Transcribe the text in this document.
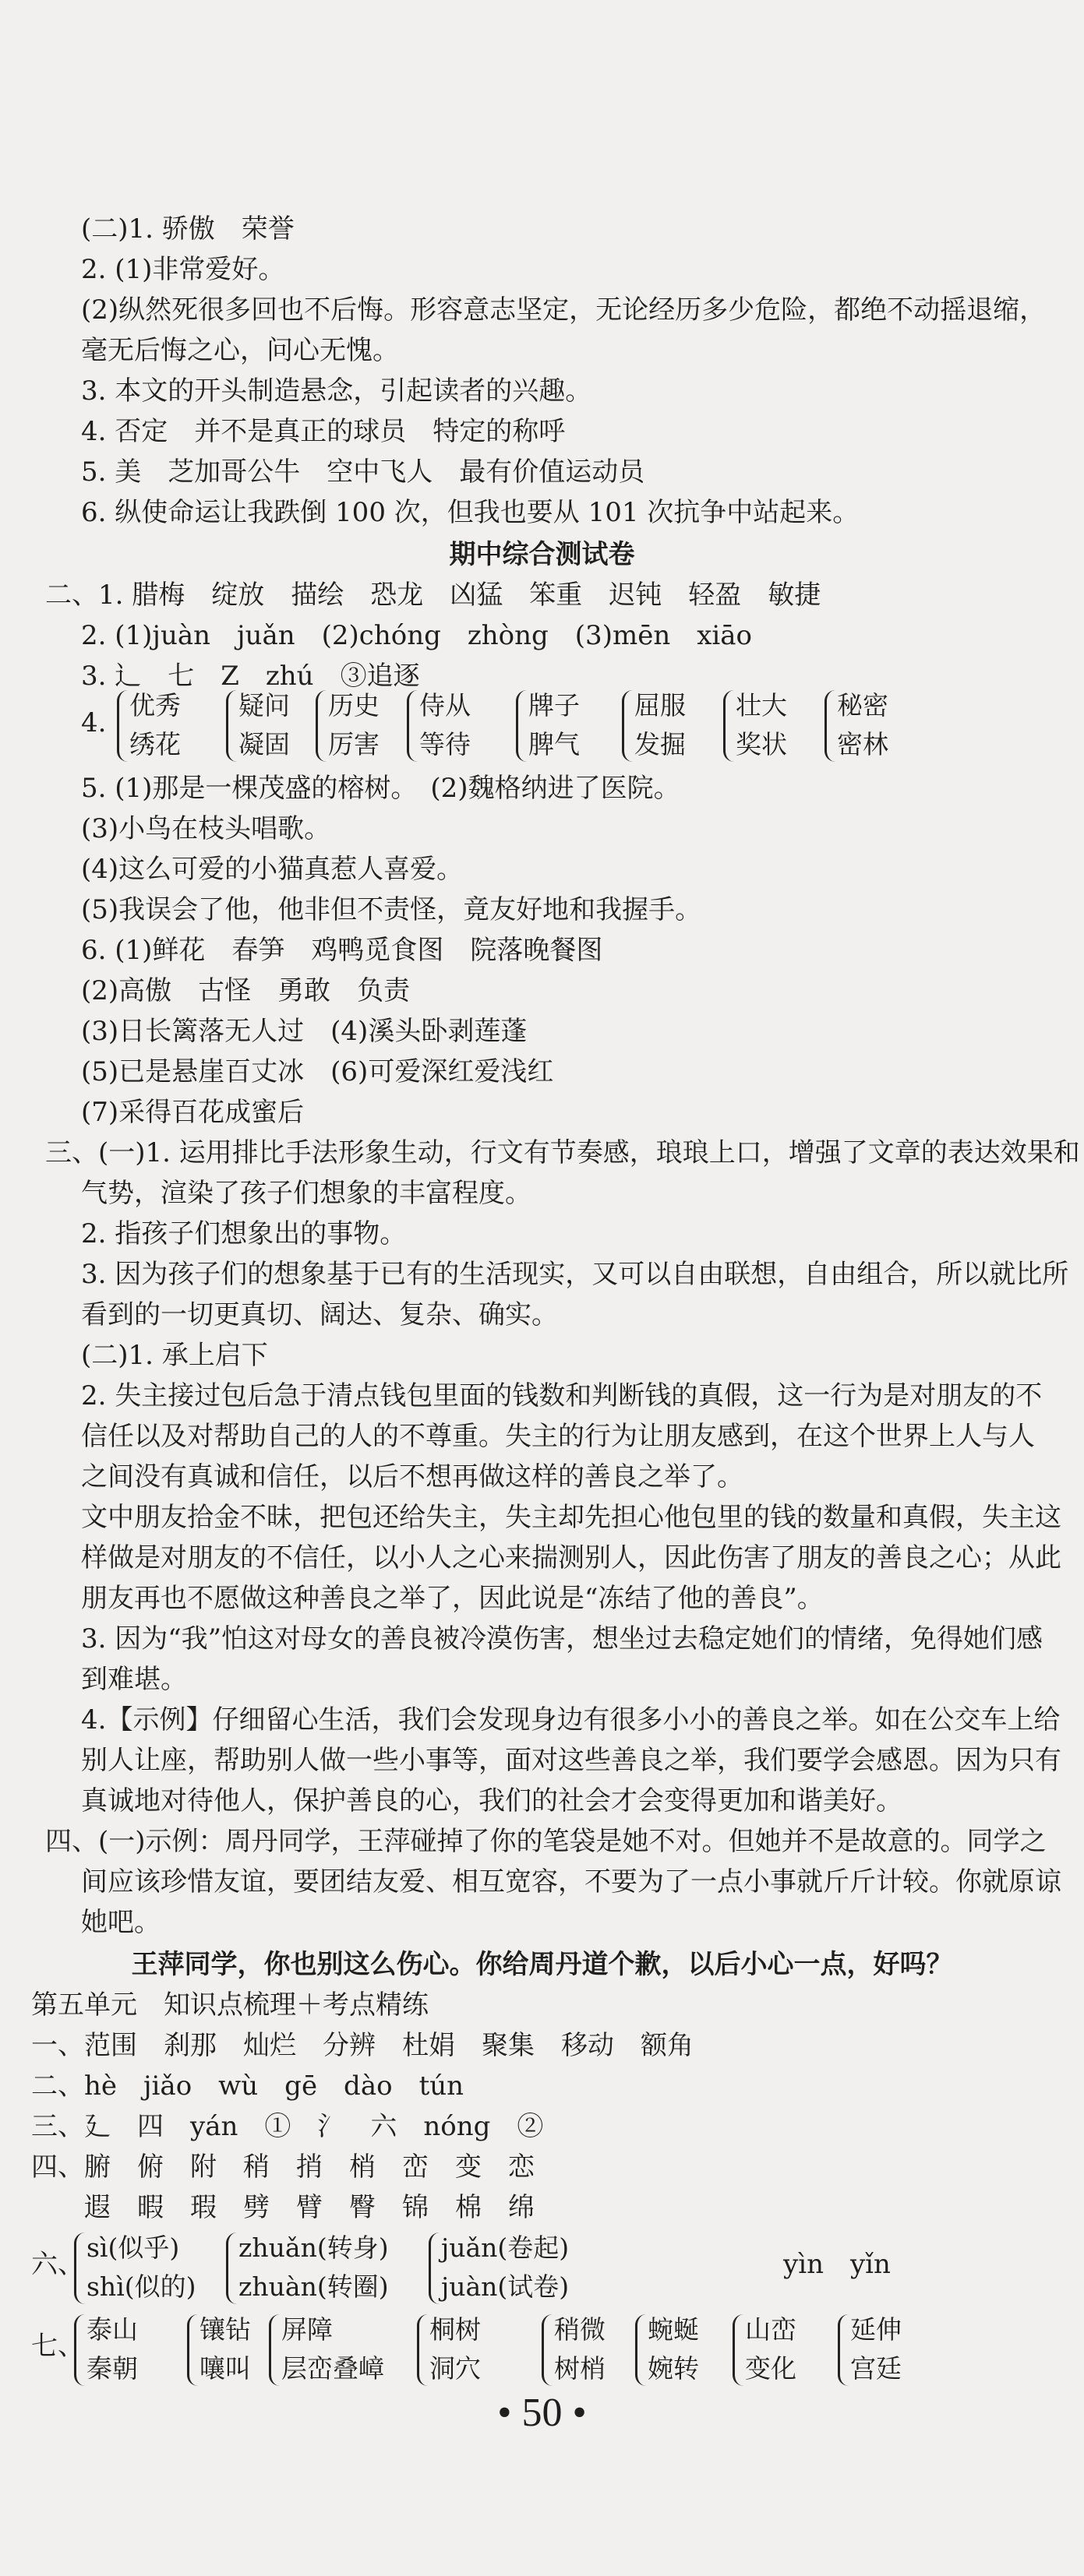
(二)1. 骄傲　荣誉
2. (1)非常爱好。
(2)纵然死很多回也不后悔。形容意志坚定，无论经历多少危险，都绝不动摇退缩，
毫无后悔之心，问心无愧。
3. 本文的开头制造悬念，引起读者的兴趣。
4. 否定　并不是真正的球员　特定的称呼
5. 美　芝加哥公牛　空中飞人　最有价值运动员
6. 纵使命运让我跌倒 100 次，但我也要从 101 次抗争中站起来。
期中综合测试卷
二、1. 腊梅　绽放　描绘　恐龙　凶猛　笨重　迟钝　轻盈　敏捷
2. (1)juàn　juǎn　(2)chóng　zhòng　(3)mēn　xiāo
3. 辶　七　Z　zhú　③追逐
4.
优秀
绣花
疑问
凝固
历史
厉害
侍从
等待
牌子
脾气
屈服
发掘
壮大
奖状
秘密
密林
5. (1)那是一棵茂盛的榕树。　(2)魏格纳进了医院。
(3)小鸟在枝头唱歌。
(4)这么可爱的小猫真惹人喜爱。
(5)我误会了他，他非但不责怪，竟友好地和我握手。
6. (1)鲜花　春笋　鸡鸭觅食图　院落晚餐图
(2)高傲　古怪　勇敢　负责
(3)日长篱落无人过　(4)溪头卧剥莲蓬
(5)已是悬崖百丈冰　(6)可爱深红爱浅红
(7)采得百花成蜜后
三、(一)1. 运用排比手法形象生动，行文有节奏感，琅琅上口，增强了文章的表达效果和
气势，渲染了孩子们想象的丰富程度。
2. 指孩子们想象出的事物。
3. 因为孩子们的想象基于已有的生活现实，又可以自由联想，自由组合，所以就比所
看到的一切更真切、阔达、复杂、确实。
(二)1. 承上启下
2. 失主接过包后急于清点钱包里面的钱数和判断钱的真假，这一行为是对朋友的不
信任以及对帮助自己的人的不尊重。失主的行为让朋友感到，在这个世界上人与人
之间没有真诚和信任，以后不想再做这样的善良之举了。
文中朋友拾金不昧，把包还给失主，失主却先担心他包里的钱的数量和真假，失主这
样做是对朋友的不信任，以小人之心来揣测别人，因此伤害了朋友的善良之心；从此
朋友再也不愿做这种善良之举了，因此说是“冻结了他的善良”。
3. 因为“我”怕这对母女的善良被冷漠伤害，想坐过去稳定她们的情绪，免得她们感
到难堪。
4.【示例】仔细留心生活，我们会发现身边有很多小小的善良之举。如在公交车上给
别人让座，帮助别人做一些小事等，面对这些善良之举，我们要学会感恩。因为只有
真诚地对待他人，保护善良的心，我们的社会才会变得更加和谐美好。
四、(一)示例：周丹同学，王萍碰掉了你的笔袋是她不对。但她并不是故意的。同学之
间应该珍惜友谊，要团结友爱、相互宽容，不要为了一点小事就斤斤计较。你就原谅
她吧。
王萍同学，你也别这么伤心。你给周丹道个歉，以后小心一点，好吗？
第五单元　知识点梳理＋考点精练
一、范围　刹那　灿烂　分辨　杜娟　聚集　移动　额角
二、hè　jiǎo　wù　gē　dào　tún
三、廴　四　yán　①　氵　六　nóng　②
四、腑　俯　附　稍　捎　梢　峦　变　恋
　　遐　暇　瑕　劈　臂　臀　锦　棉　绵
六、
sì(似乎)
shì(似的)
zhuǎn(转身)
zhuàn(转圈)
juǎn(卷起)
juàn(试卷)
yìn　yǐn
七、
泰山
秦朝
镶钻
嚷叫
屏障
层峦叠嶂
桐树
洞穴
稍微
树梢
蜿蜒
婉转
山峦
变化
延伸
宫廷
• 50 •
